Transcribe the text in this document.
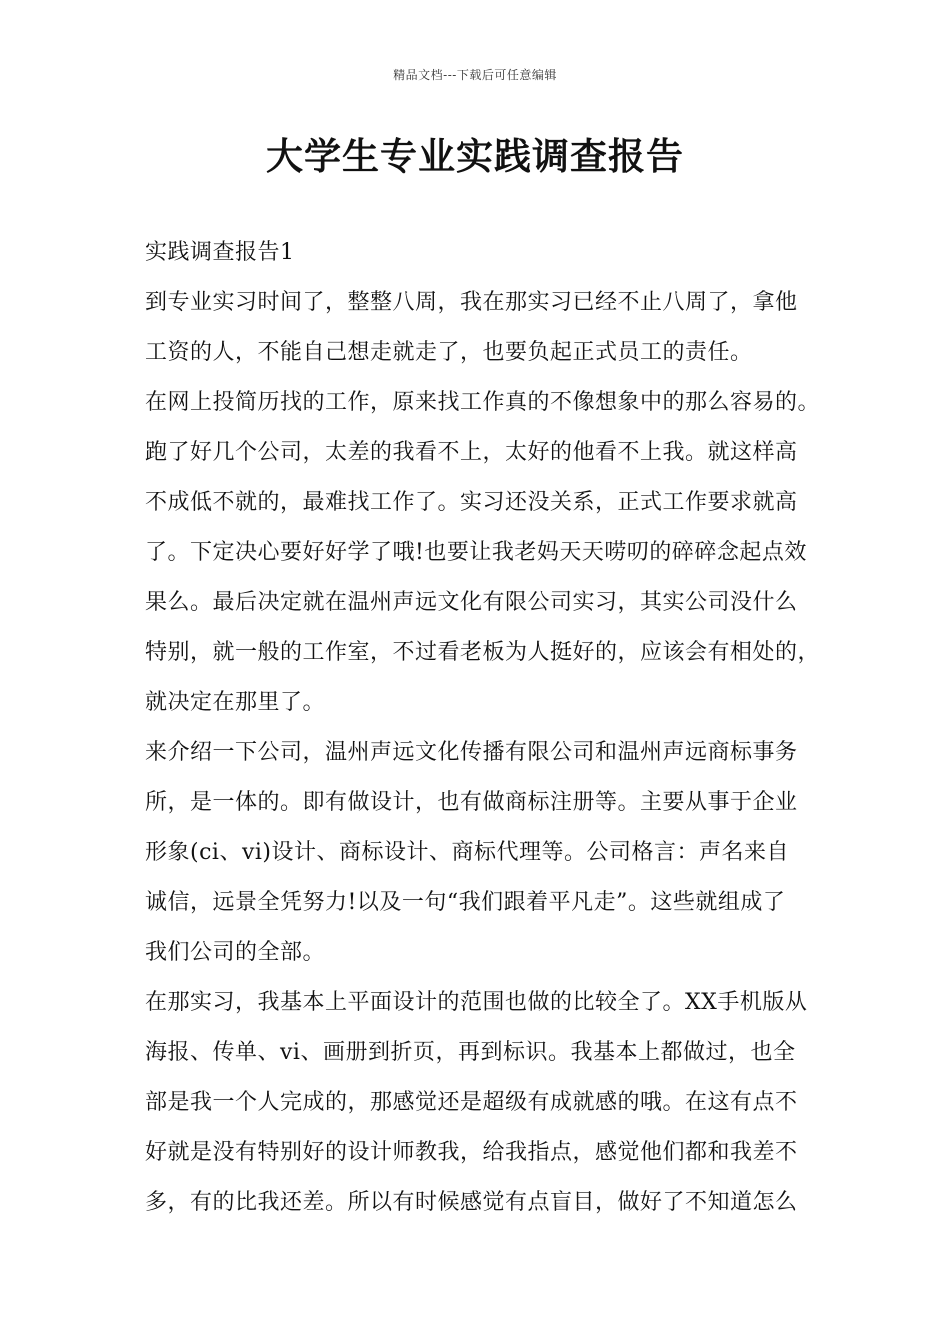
精品文档---下载后可任意编辑
大学生专业实践调查报告
实践调查报告1
到专业实习时间了，整整八周，我在那实习已经不止八周了，拿他
工资的人，不能自己想走就走了，也要负起正式员工的责任。
在网上投简历找的工作，原来找工作真的不像想象中的那么容易的。
跑了好几个公司，太差的我看不上，太好的他看不上我。就这样高
不成低不就的，最难找工作了。实习还没关系，正式工作要求就高
了。下定决心要好好学了哦!也要让我老妈天天唠叨的碎碎念起点效
果么。最后决定就在温州声远文化有限公司实习，其实公司没什么
特别，就一般的工作室，不过看老板为人挺好的，应该会有相处的，
就决定在那里了。
来介绍一下公司，温州声远文化传播有限公司和温州声远商标事务
所，是一体的。即有做设计，也有做商标注册等。主要从事于企业
形象(ci、vi)设计、商标设计、商标代理等。公司格言：声名来自
诚信，远景全凭努力!以及一句“我们跟着平凡走”。这些就组成了
我们公司的全部。
在那实习，我基本上平面设计的范围也做的比较全了。XX手机版从
海报、传单、vi、画册到折页，再到标识。我基本上都做过，也全
部是我一个人完成的，那感觉还是超级有成就感的哦。在这有点不
好就是没有特别好的设计师教我，给我指点，感觉他们都和我差不
多，有的比我还差。所以有时候感觉有点盲目，做好了不知道怎么
